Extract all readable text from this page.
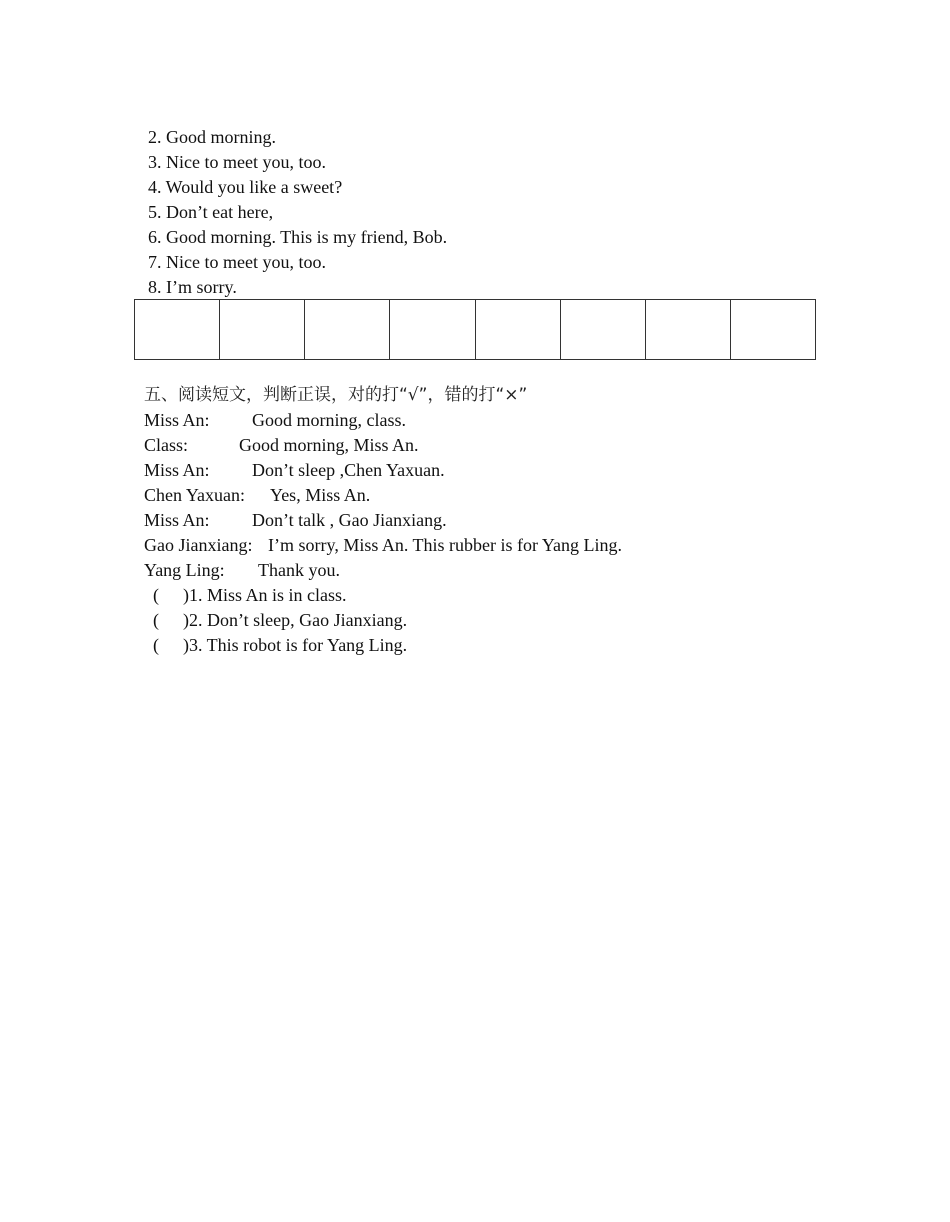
2. Good morning.
3. Nice to meet you, too.
4. Would you like a sweet?
5. Don’t eat here,
6. Good morning. This is my friend, Bob.
7. Nice to meet you, too.
8. I’m sorry.

五、阅读短文，判断正误，对的打“√”，错的打“×”
Miss An: Good morning, class.
Class:	Good morning, Miss An.
Miss An: Don’t sleep ,Chen Yaxuan.
Chen Yaxuan: Yes, Miss An.
Miss An: Don’t talk , Gao Jianxiang.
Gao Jianxiang: I’m sorry, Miss An. This rubber is for Yang Ling.
Yang Ling: Thank you.
( )1. Miss An is in class.
( )2. Don’t sleep, Gao Jianxiang.
( )3. This robot is for Yang Ling.
